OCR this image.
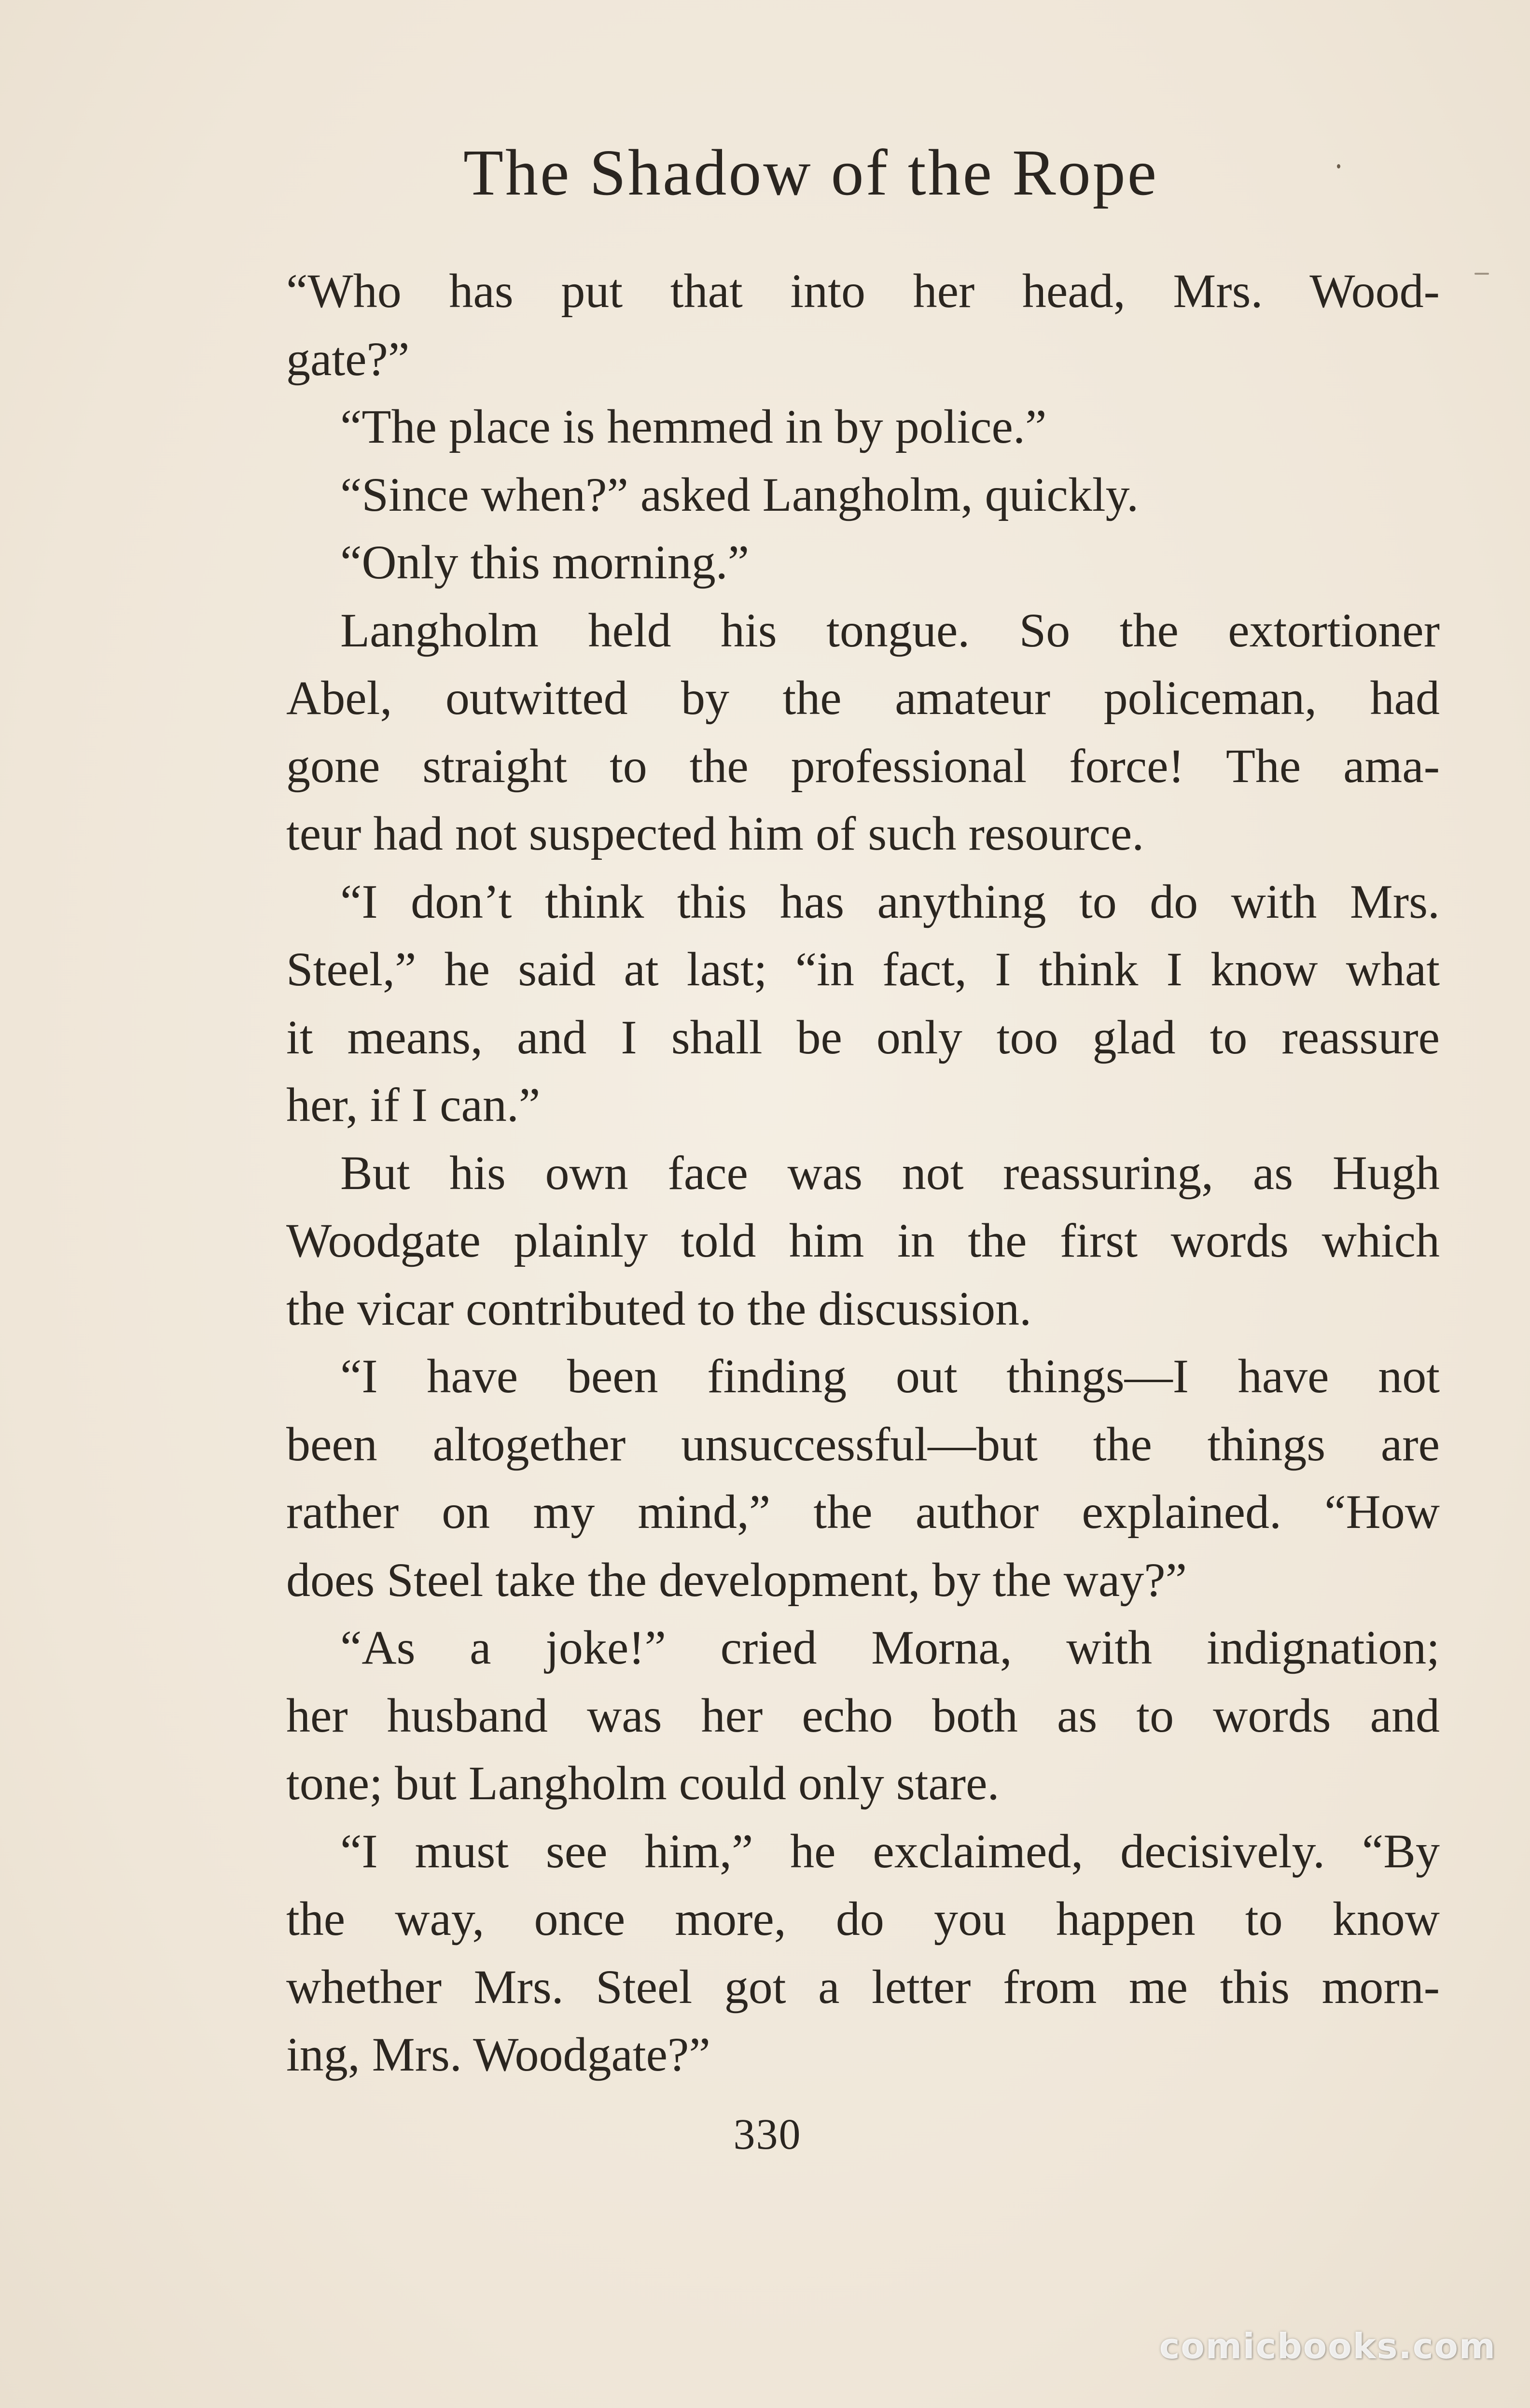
The Shadow of the Rope
“Who has put that into her head, Mrs. Wood-
gate?”
“The place is hemmed in by police.”
“Since when?” asked Langholm, quickly.
“Only this morning.”
Langholm held his tongue. So the extortioner
Abel, outwitted by the amateur policeman, had
gone straight to the professional force! The ama-
teur had not suspected him of such resource.
“I don’t think this has anything to do with Mrs.
Steel,” he said at last; “in fact, I think I know what
it means, and I shall be only too glad to reassure
her, if I can.”
But his own face was not reassuring, as Hugh
Woodgate plainly told him in the first words which
the vicar contributed to the discussion.
“I have been finding out things—I have not
been altogether unsuccessful—but the things are
rather on my mind,” the author explained. “How
does Steel take the development, by the way?”
“As a joke!” cried Morna, with indignation;
her husband was her echo both as to words and
tone; but Langholm could only stare.
“I must see him,” he exclaimed, decisively. “By
the way, once more, do you happen to know
whether Mrs. Steel got a letter from me this morn-
ing, Mrs. Woodgate?”
330
comicbooks.com
